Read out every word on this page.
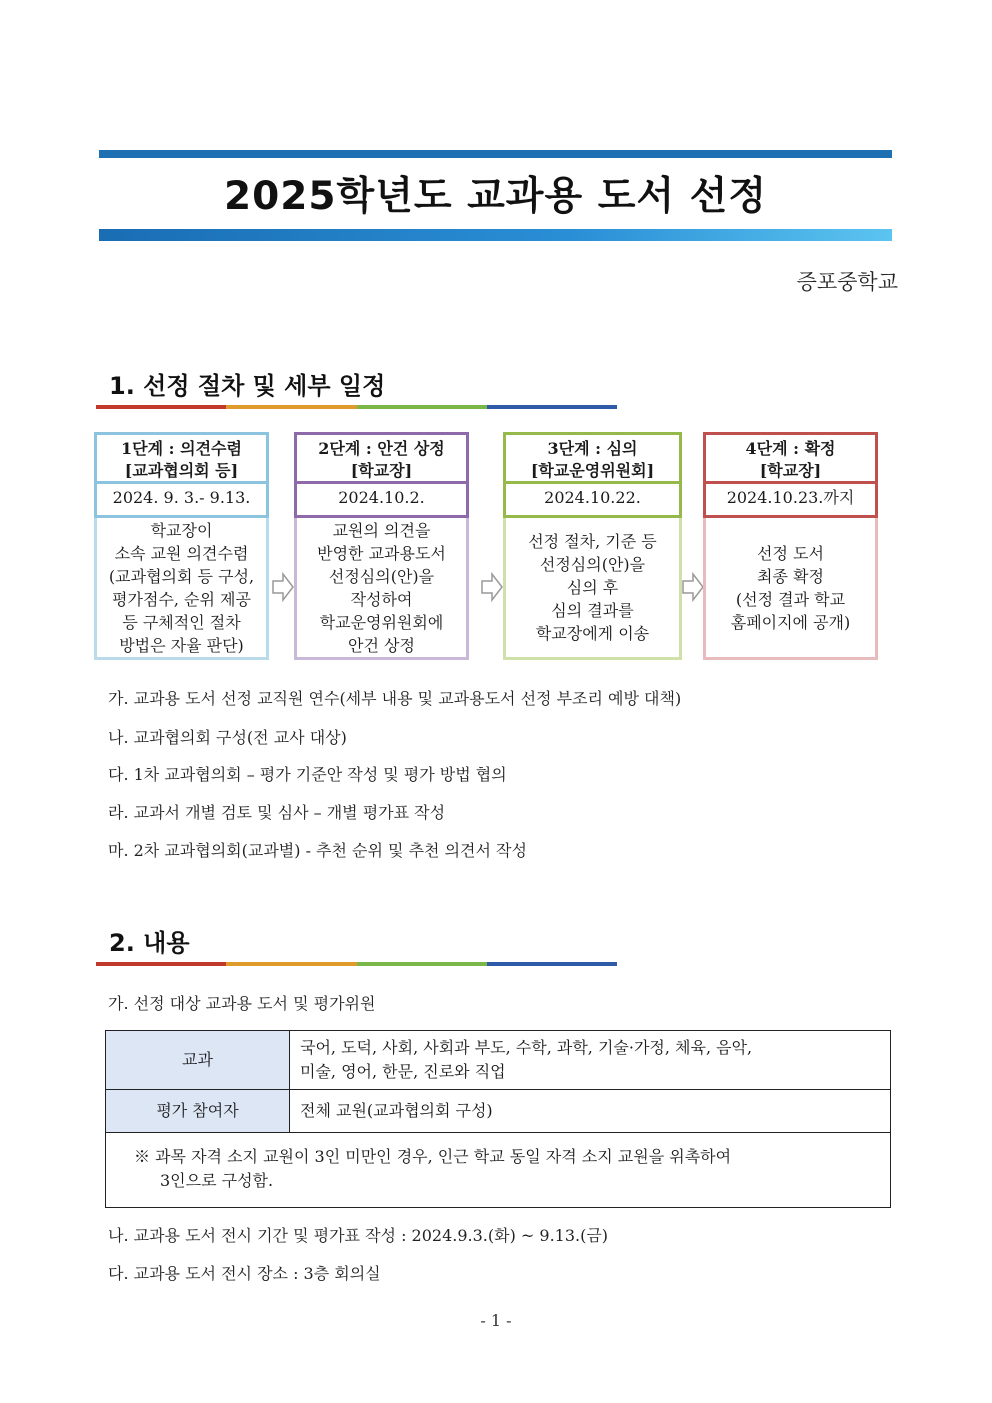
2025학년도 교과용 도서 선정
증포중학교
1. 선정 절차 및 세부 일정
1단계 : 의견수렴
[교과협의회 등]
2024. 9. 3.- 9.13.
학교장이
소속 교원 의견수렴
(교과협의회 등 구성,
평가점수, 순위 제공
등 구체적인 절차
방법은 자율 판단)
2단계 : 안건 상정
[학교장]
2024.10.2.
교원의 의견을
반영한 교과용도서
선정심의(안)을
작성하여
학교운영위원회에
안건 상정
3단계 : 심의
[학교운영위원회]
2024.10.22.
선정 절차, 기준 등
선정심의(안)을
심의 후
심의 결과를
학교장에게 이송
4단계 : 확정
[학교장]
2024.10.23.까지
선정 도서
최종 확정
(선정 결과 학교
홈페이지에 공개)
가. 교과용 도서 선정 교직원 연수(세부 내용 및 교과용도서 선정 부조리 예방 대책)
나. 교과협의회 구성(전 교사 대상)
다. 1차 교과협의회 – 평가 기준안 작성 및 평가 방법 협의
라. 교과서 개별 검토 및 심사 – 개별 평가표 작성
마. 2차 교과협의회(교과별) - 추천 순위 및 추천 의견서 작성
2. 내용
가. 선정 대상 교과용 도서 및 평가위원
교과	국어, 도덕, 사회, 사회과 부도, 수학, 과학, 기술·가정, 체육, 음악,
미술, 영어, 한문, 진로와 직업

평가 참여자	전체 교원(교과협의회 구성)

※ 과목 자격 소지 교원이 3인 미만인 경우, 인근 학교 동일 자격 소지 교원을 위촉하여
3인으로 구성함.	
나. 교과용 도서 전시 기간 및 평가표 작성 : 2024.9.3.(화) ~ 9.13.(금)
다. 교과용 도서 전시 장소 : 3층 회의실
- 1 -
